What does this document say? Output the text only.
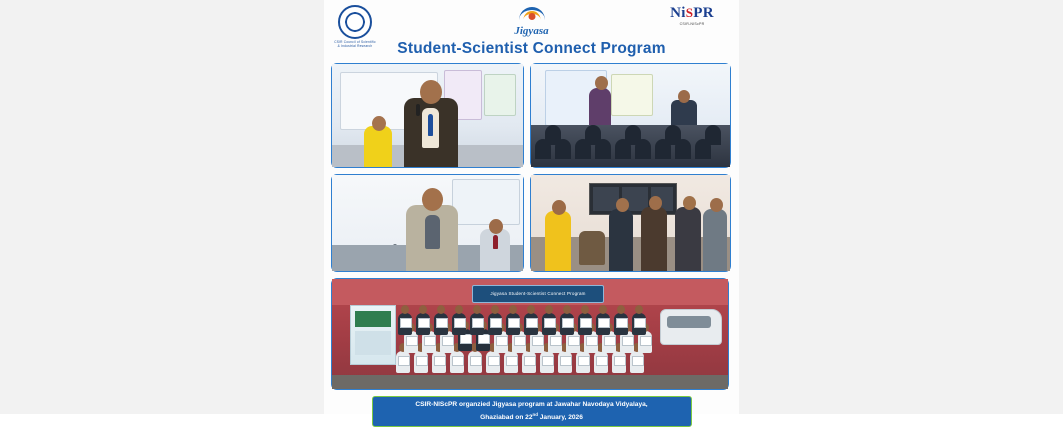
CSIR Council of Scientific & Industrial Research
Jigyasa
NiSPR
CSIR-NIScPR
Student-Scientist Connect Program
Jigyasa Student-Scientist Connect Program
CSIR-NIScPR organzied Jigyasa program at Jawahar Navodaya Vidyalaya,
Ghaziabad on 22nd January, 2026
